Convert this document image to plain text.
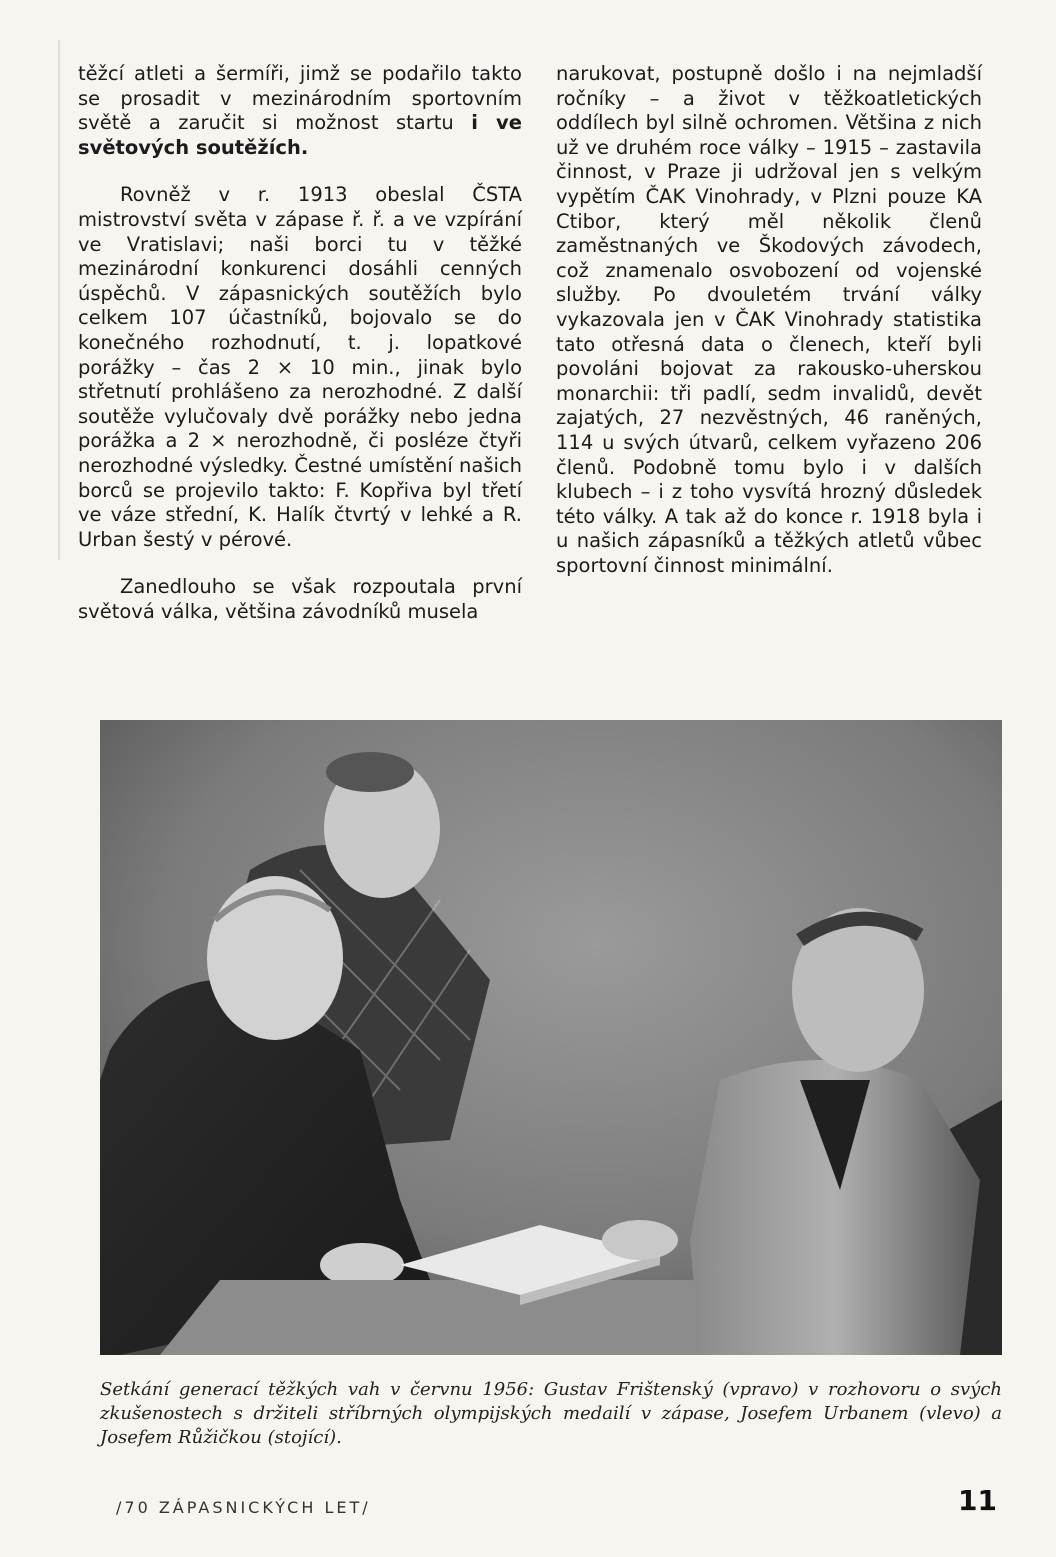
těžcí atleti a šermíři, jimž se podařilo takto se prosadit v mezinárodním sportovním světě a zaručit si možnost startu i ve světových soutěžích.

Rovněž v r. 1913 obeslal ČSTA mistrovství světa v zápase ř. ř. a ve vzpírání ve Vratislavi; naši borci tu v těžké mezinárodní konkurenci dosáhli cenných úspěchů. V zápasnických soutěžích bylo celkem 107 účastníků, bojovalo se do konečného rozhodnutí, t. j. lopatkové porážky – čas 2 × 10 min., jinak bylo střetnutí prohlášeno za nerozhodné. Z další soutěže vylučovaly dvě porážky nebo jedna porážka a 2 × nerozhodně, či posléze čtyři nerozhodné výsledky. Čestné umístění našich borců se projevilo takto: F. Kopřiva byl třetí ve váze střední, K. Halík čtvrtý v lehké a R. Urban šestý v pérové.

Zanedlouho se však rozpoutala první světová válka, většina závodníků musela

narukovat, postupně došlo i na nejmladší ročníky – a život v těžkoatletických oddílech byl silně ochromen. Většina z nich už ve druhém roce války – 1915 – zastavila činnost, v Praze ji udržoval jen s velkým vypětím ČAK Vinohrady, v Plzni pouze KA Ctibor, který měl několik členů zaměstnaných ve Škodových závodech, což znamenalo osvobození od vojenské služby. Po dvouletém trvání války vykazovala jen v ČAK Vinohrady statistika tato otřesná data o členech, kteří byli povoláni bojovat za rakousko-uherskou monarchii: tři padlí, sedm invalidů, devět zajatých, 27 nezvěstných, 46 raněných, 114 u svých útvarů, celkem vyřazeno 206 členů. Podobně tomu bylo i v dalších klubech – i z toho vysvítá hrozný důsledek této války. A tak až do konce r. 1918 byla i u našich zápasníků a těžkých atletů vůbec sportovní činnost minimální.

Setkání generací těžkých vah v červnu 1956: Gustav Frištenský (vpravo) v rozhovoru o svých zkušenostech s držiteli stříbrných olympijských medailí v zápase, Josefem Urbanem (vlevo) a Josefem Růžičkou (stojící).
/70 ZÁPASNICKÝCH LET/	11
